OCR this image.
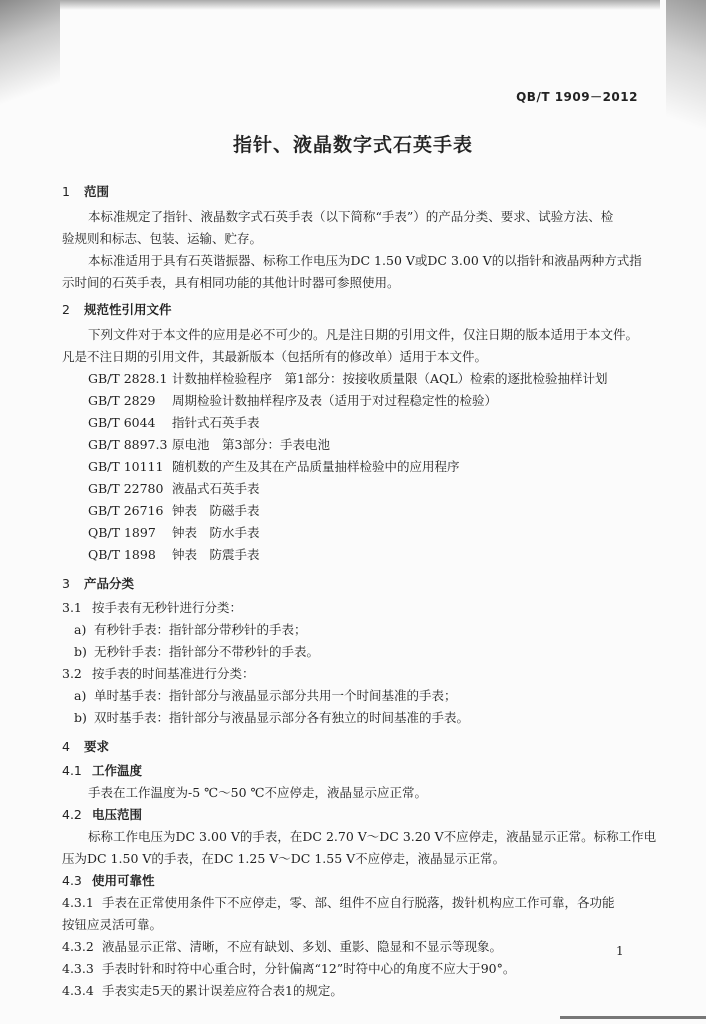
QB/T 1909－2012
指针、液晶数字式石英手表
1 范围
本标准规定了指针、液晶数字式石英手表（以下简称“手表”）的产品分类、要求、试验方法、检
验规则和标志、包装、运输、贮存。
本标准适用于具有石英谐振器、标称工作电压为DC 1.50 V或DC 3.00 V的以指针和液晶两种方式指
示时间的石英手表，具有相同功能的其他计时器可参照使用。
2 规范性引用文件
下列文件对于本文件的应用是必不可少的。凡是注日期的引用文件，仅注日期的版本适用于本文件。
凡是不注日期的引用文件，其最新版本（包括所有的修改单）适用于本文件。
GB/T 2828.1 计数抽样检验程序　第1部分：按接收质量限（AQL）检索的逐批检验抽样计划
GB/T 2829 周期检验计数抽样程序及表（适用于对过程稳定性的检验）
GB/T 6044 指针式石英手表
GB/T 8897.3 原电池　第3部分：手表电池
GB/T 10111 随机数的产生及其在产品质量抽样检验中的应用程序
GB/T 22780 液晶式石英手表
GB/T 26716 钟表　防磁手表
QB/T 1897 钟表　防水手表
QB/T 1898 钟表　防震手表
3 产品分类
3.1 按手表有无秒针进行分类：
a) 有秒针手表：指针部分带秒针的手表；
b) 无秒针手表：指针部分不带秒针的手表。
3.2 按手表的时间基准进行分类：
a) 单时基手表：指针部分与液晶显示部分共用一个时间基准的手表；
b) 双时基手表：指针部分与液晶显示部分各有独立的时间基准的手表。
4 要求
4.1 工作温度
手表在工作温度为-5 ℃～50 ℃不应停走，液晶显示应正常。
4.2 电压范围
标称工作电压为DC 3.00 V的手表，在DC 2.70 V～DC 3.20 V不应停走，液晶显示正常。标称工作电
压为DC 1.50 V的手表，在DC 1.25 V～DC 1.55 V不应停走，液晶显示正常。
4.3 使用可靠性
4.3.1 手表在正常使用条件下不应停走，零、部、组件不应自行脱落，拨针机构应工作可靠，各功能
按钮应灵活可靠。
4.3.2 液晶显示正常、清晰，不应有缺划、多划、重影、隐显和不显示等现象。
4.3.3 手表时针和时符中心重合时，分针偏离“12”时符中心的角度不应大于90°。
4.3.4 手表实走5天的累计误差应符合表1的规定。
1
